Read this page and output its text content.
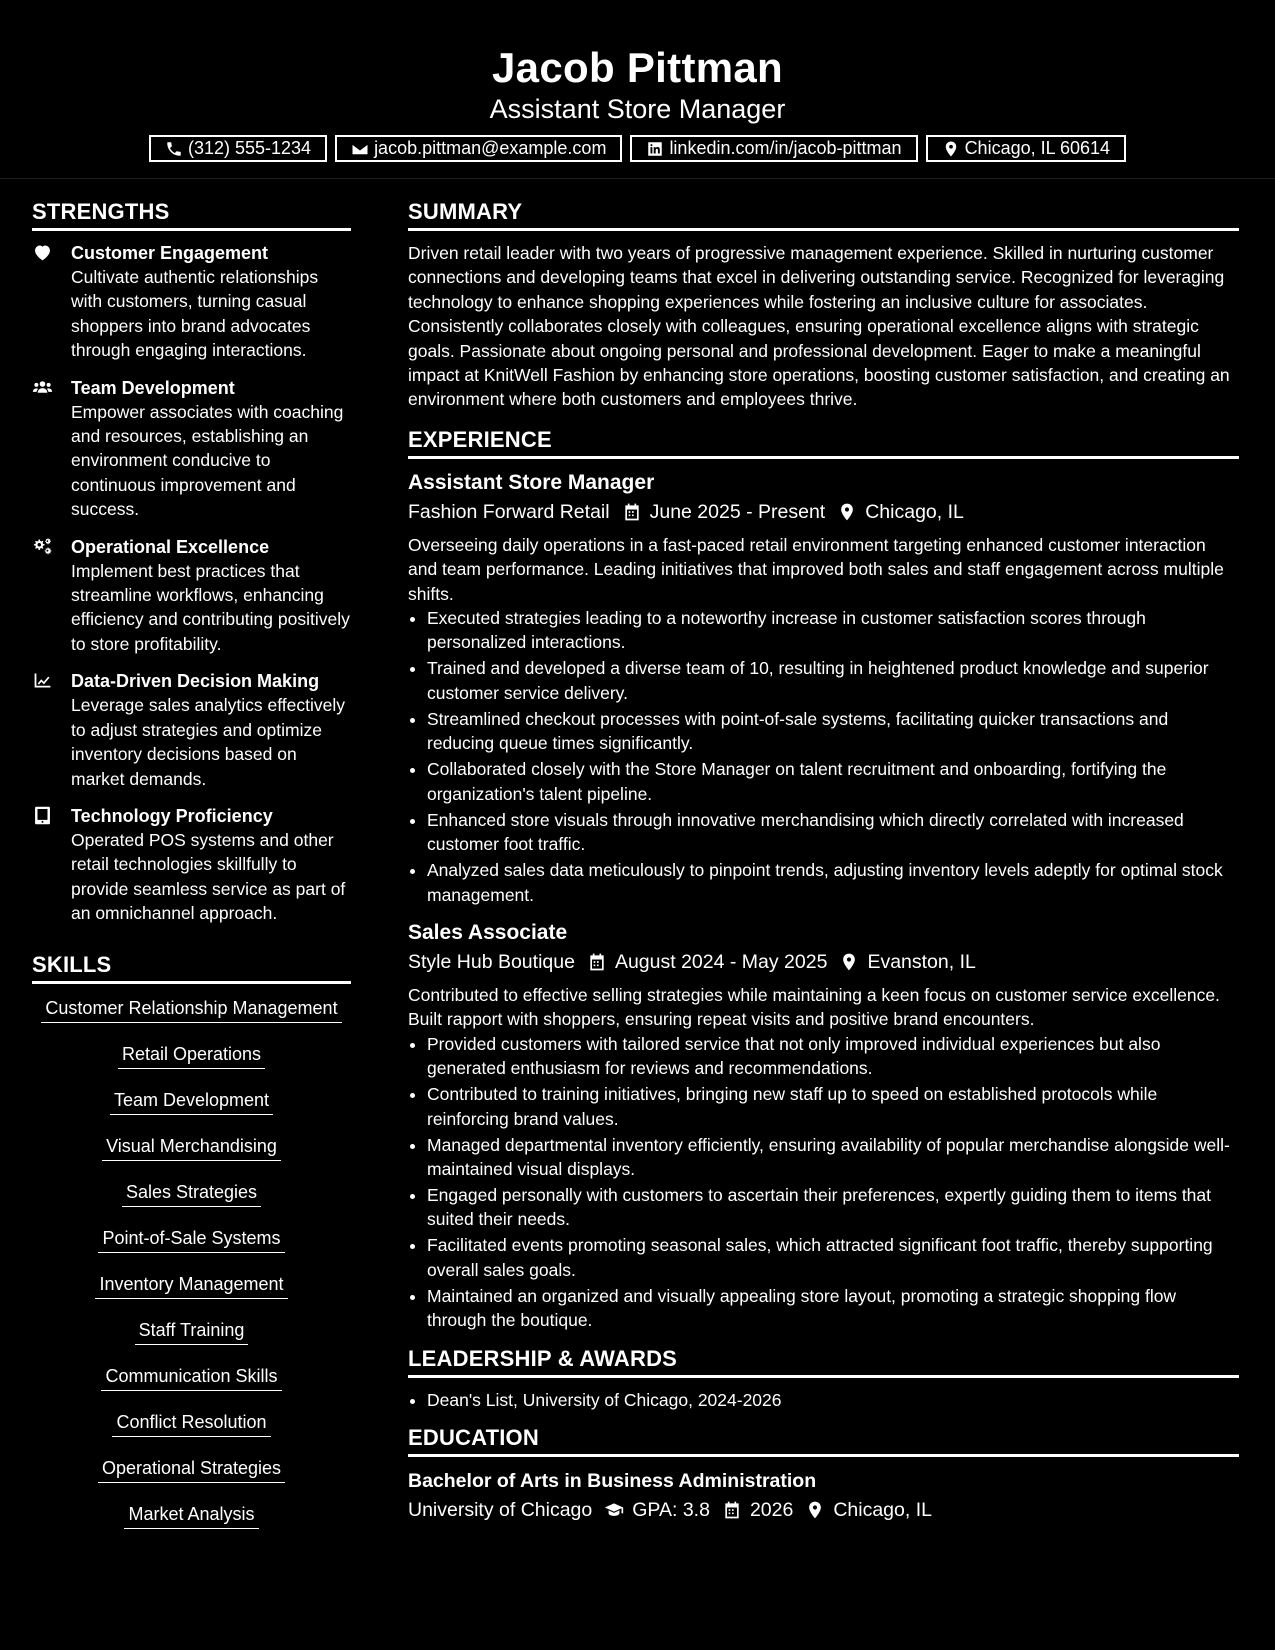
Jacob Pittman
Assistant Store Manager
(312) 555-1234	jacob.pittman@example.com	linkedin.com/in/jacob-pittman	Chicago, IL 60614
STRENGTHS
Customer Engagement
Cultivate authentic relationships with customers, turning casual shoppers into brand advocates through engaging interactions.
Team Development
Empower associates with coaching and resources, establishing an environment conducive to continuous improvement and success.
Operational Excellence
Implement best practices that streamline workflows, enhancing efficiency and contributing positively to store profitability.
Data-Driven Decision Making
Leverage sales analytics effectively to adjust strategies and optimize inventory decisions based on market demands.
Technology Proficiency
Operated POS systems and other retail technologies skillfully to provide seamless service as part of an omnichannel approach.
SKILLS
Customer Relationship Management
Retail Operations
Team Development
Visual Merchandising
Sales Strategies
Point-of-Sale Systems
Inventory Management
Staff Training
Communication Skills
Conflict Resolution
Operational Strategies
Market Analysis
SUMMARY
Driven retail leader with two years of progressive management experience. Skilled in nurturing customer connections and developing teams that excel in delivering outstanding service. Recognized for leveraging technology to enhance shopping experiences while fostering an inclusive culture for associates. Consistently collaborates closely with colleagues, ensuring operational excellence aligns with strategic goals. Passionate about ongoing personal and professional development. Eager to make a meaningful impact at KnitWell Fashion by enhancing store operations, boosting customer satisfaction, and creating an environment where both customers and employees thrive.
EXPERIENCE
Assistant Store Manager
Fashion Forward Retail June 2025 - Present Chicago, IL
Overseeing daily operations in a fast-paced retail environment targeting enhanced customer interaction and team performance. Leading initiatives that improved both sales and staff engagement across multiple shifts.
• Executed strategies leading to a noteworthy increase in customer satisfaction scores through personalized interactions.
• Trained and developed a diverse team of 10, resulting in heightened product knowledge and superior customer service delivery.
• Streamlined checkout processes with point-of-sale systems, facilitating quicker transactions and reducing queue times significantly.
• Collaborated closely with the Store Manager on talent recruitment and onboarding, fortifying the organization's talent pipeline.
• Enhanced store visuals through innovative merchandising which directly correlated with increased customer foot traffic.
• Analyzed sales data meticulously to pinpoint trends, adjusting inventory levels adeptly for optimal stock management.
Sales Associate
Style Hub Boutique August 2024 - May 2025 Evanston, IL
Contributed to effective selling strategies while maintaining a keen focus on customer service excellence. Built rapport with shoppers, ensuring repeat visits and positive brand encounters.
• Provided customers with tailored service that not only improved individual experiences but also generated enthusiasm for reviews and recommendations.
• Contributed to training initiatives, bringing new staff up to speed on established protocols while reinforcing brand values.
• Managed departmental inventory efficiently, ensuring availability of popular merchandise alongside well-maintained visual displays.
• Engaged personally with customers to ascertain their preferences, expertly guiding them to items that suited their needs.
• Facilitated events promoting seasonal sales, which attracted significant foot traffic, thereby supporting overall sales goals.
• Maintained an organized and visually appealing store layout, promoting a strategic shopping flow through the boutique.
LEADERSHIP & AWARDS
• Dean's List, University of Chicago, 2024-2026
EDUCATION
Bachelor of Arts in Business Administration
University of Chicago GPA: 3.8 2026 Chicago, IL
